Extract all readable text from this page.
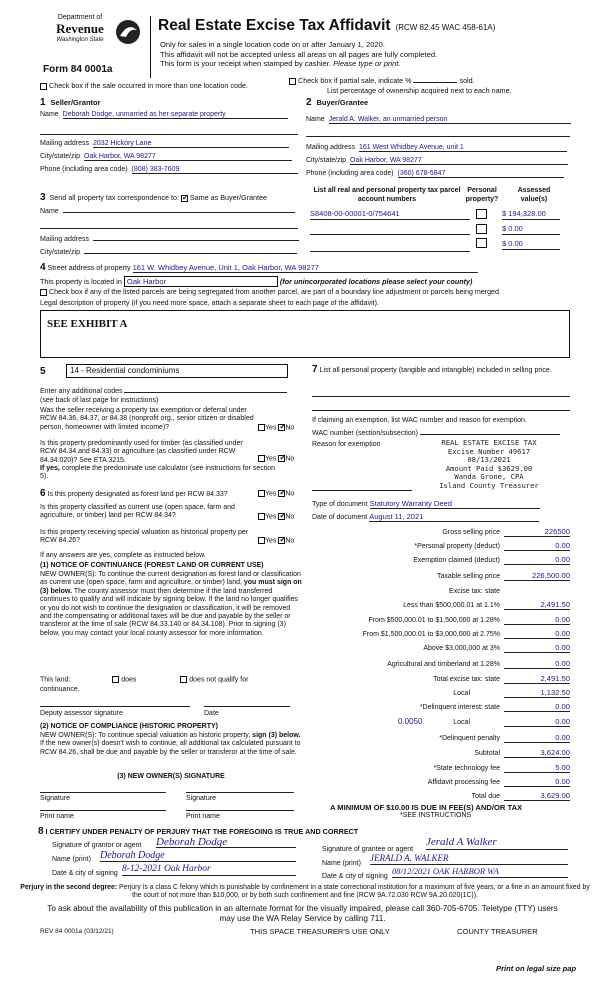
Department of
Revenue
Washington State
Form 84 0001a
Real Estate Excise Tax Affidavit (RCW 82.45 WAC 458-61A)
Only for sales in a single location code on or after January 1, 2020.
This affidavit will not be accepted unless all areas on all pages are fully completed.
This form is your receipt when stamped by cashier. Please type or print.
Check box if the sale occurred in more than one location code.
Check box if partial sale, indicate %	sold.
List percentage of ownership acquired next to each name.
1 Seller/Grantor
Name Deborah Dodge, unmarried as her separate property
Mailing address 2032 Hickory Lane
City/state/zip Oak Harbor, WA 98277
Phone (including area code) (808) 383-7609
2 Buyer/Grantee
Name Jerald A. Walker, an unmarried person
Mailing address 161 West Whidbey Avenue, unit 1
City/state/zip Oak Harbor, WA 98277
Phone (including area code) (360) 678-5847
3 Send all property tax correspondence to: ✓ Same as Buyer/Grantee
Name
Mailing address
City/state/zip
List all real and personal property tax parcel account numbers
Personal property?
Assessed value(s)
S8408-00-00001-0/754641	$ 194,328.00
$ 0.00
$ 0.00
4 Street address of property 161 W. Whidbey Avenue, Unit 1, Oak Harbor, WA 98277
This property is located in Oak Harbor	(for unincorporated locations please select your county)
Check box if any of the listed parcels are being segregated from another parcel, are part of a boundary line adjustment or parcels being merged.
Legal description of property (if you need more space, attach a separate sheet to each page of the affidavit).
SEE EXHIBIT A
5	14 - Residential condominiums
Enter any additional codes
(see back of last page for instructions)
Was the seller receiving a property tax exemption or deferral under RCW 84.36, 84.37, or 84.38 (nonprofit org., senior citizen or disabled person, homeowner with limited income)?	Yes ✓ No
Is this property predominantly used for timber (as classified under RCW 84.34 and 84.33) or agriculture (as classified under RCW 84.34.020)? See ETA 3215.	Yes ✓ No
If yes, complete the predominate use calculator (see instructions for section 5).
6 Is this property designated as forest land per RCW 84.33?	Yes ✓ No
Is this property classified as current use (open space, farm and agriculture, or timber) land per RCW 84.34?	Yes ✓ No
Is this property receiving special valuation as historical property per RCW 84.26?	Yes ✓ No
If any answers are yes, complete as instructed below.
(1) NOTICE OF CONTINUANCE (FOREST LAND OR CURRENT USE)
NEW OWNER(S): To continue the current designation as forest land or classification as current use (open space, farm and agriculture, or timber) land, you must sign on (3) below. The county assessor must then determine if the land transferred continues to qualify and will indicate by signing below. If the land no longer qualifies or you do not wish to continue the designation or classification, it will be removed and the compensating or additional taxes will be due and payable by the seller or transferor at the time of sale (RCW 84.33.140 or 84.34.108). Prior to signing (3) below, you may contact your local county assessor for more information.
This land:	does	does not qualify for
continuance.
Deputy assessor signature	Date
(2) NOTICE OF COMPLIANCE (HISTORIC PROPERTY)
NEW OWNER(S): To continue special valuation as historic property, sign (3) below. If the new owner(s) doesn't wish to continue, all additional tax calculated pursuant to RCW 84.26, shall be due and payable by the seller or transferor at the time of sale.
(3) NEW OWNER(S) SIGNATURE
Signature	Signature
Print name	Print name
7 List all personal property (tangible and intangible) included in selling price.
If claiming an exemption, list WAC number and reason for exemption.
WAC number (section/subsection)
Reason for exemption	REAL ESTATE EXCISE TAX
Excise Number 49617
08/13/2021
Amount Paid $3629.00
Wanda Grone, CPA
Island County Treasurer
Type of document Statutory Warranty Deed
Date of document August 11, 2021
Gross selling price	226500
*Personal property (deduct)	0.00
Exemption claimed (deduct)	0.00
Taxable selling price	226,500.00
Excise tax: state
Less than $500,000.01 at 1.1%	2,491.50
From $500,000.01 to $1,500,000 at 1.28%	0.00
From $1,500,000.01 to $3,000,000 at 2.75%	0.00
Above $3,000,000 at 3%	0.00
Agricultural and timberland at 1.28%	0.00
Total excise tax: state	2,491.50
Local	1,132.50
*Delinquent interest: state	0.00
Local	0.00
*Delinquent penalty	0.00
Subtotal	3,624.00
*State technology fee	5.00
Affidavit processing fee	0.00
Total due	3,629.00
0.0050
A MINIMUM OF $10.00 IS DUE IN FEE(S) AND/OR TAX
*SEE INSTRUCTIONS
8 I CERTIFY UNDER PENALTY OF PERJURY THAT THE FOREGOING IS TRUE AND CORRECT
Signature of grantor or agent Deborah Dodge
Name (print) Deborah Dodge
Date & city of signing 8-12-2021 Oak Harbor
Signature of grantee or agent
Jerald A Walker
Name (print)
JERALD A. WALKER
Date & city of signing
08/12/2021 OAK HARBOR WA
Perjury in the second degree: Perjury is a class C felony which is punishable by confinement in a state correctional institution for a maximum of five years, or a fine in an amount fixed by the court of not more than $10,000, or by both such confinement and fine (RCW 9A.72.030 RCW 9A.20.020(1C)).
To ask about the availability of this publication in an alternate format for the visually impaired, please call 360-705-6705. Teletype (TTY) users may use the WA Relay Service by calling 711.
REV 84 0001a (03/12/21)	THIS SPACE TREASURER'S USE ONLY	COUNTY TREASURER
Print on legal size pap
